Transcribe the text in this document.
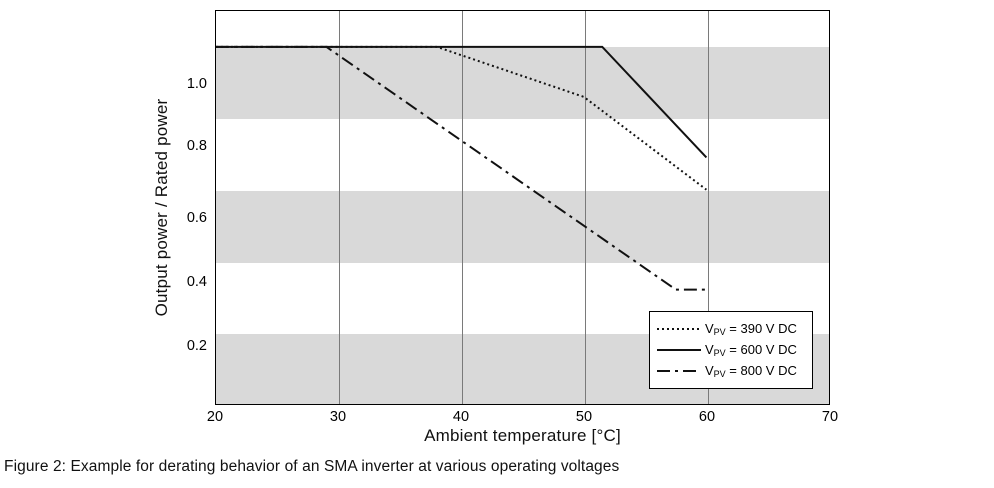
Output power / Rated power
1.0
0.8
0.6
0.4
0.2
$V_{PV} = 390$ V DC
$V_{PV} = 600$ V DC
$V_{PV} = 800$ V DC
20	30	40	50	60	70
Ambient temperature [°C]
Figure 2: Example for derating behavior of an SMA inverter at various operating voltages
